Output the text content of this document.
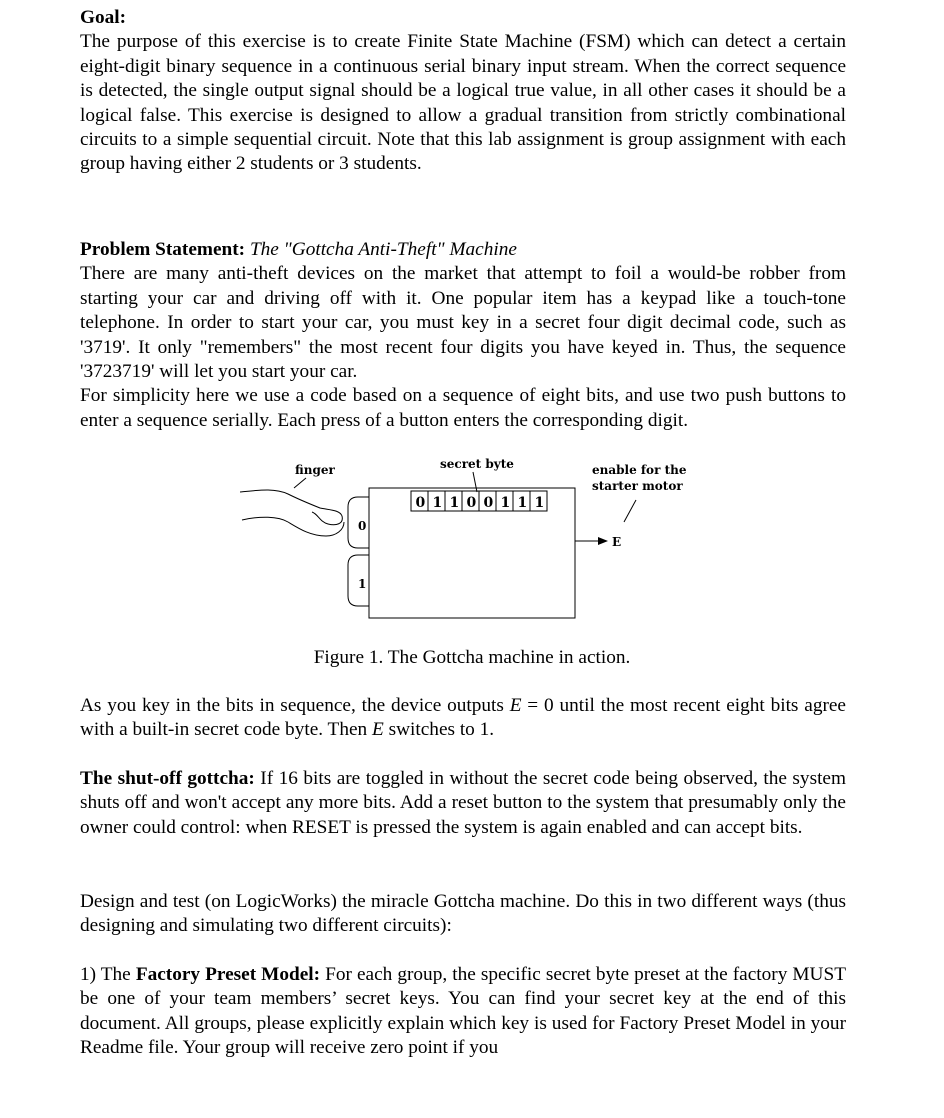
Goal:

The purpose of this exercise is to create Finite State Machine (FSM) which can detect a certain eight-digit binary sequence in a continuous serial binary input stream. When the correct sequence is detected, the single output signal should be a logical true value, in all other cases it should be a logical false. This exercise is designed to allow a gradual transition from strictly combinational circuits to a simple sequential circuit. Note that this lab assignment is group assignment with each group having either 2 students or 3 students.

Problem Statement: The "Gottcha Anti-Theft" Machine

There are many anti-theft devices on the market that attempt to foil a would-be robber from starting your car and driving off with it. One popular item has a keypad like a touch-tone telephone. In order to start your car, you must key in a secret four digit decimal code, such as '3719'. It only "remembers" the most recent four digits you have keyed in. Thus, the sequence '3723719' will let you start your car.

For simplicity here we use a code based on a sequence of eight bits, and use two push buttons to enter a sequence serially. Each press of a button enters the corresponding digit.

finger	secret byte	enable for the
starter motor
0 1 1 0 0 1 1 1
0
1
E
Figure 1. The Gottcha machine in action.

As you key in the bits in sequence, the device outputs E = 0 until the most recent eight bits agree with a built-in secret code byte. Then E switches to 1.

The shut-off gottcha: If 16 bits are toggled in without the secret code being observed, the system shuts off and won't accept any more bits. Add a reset button to the system that presumably only the owner could control: when RESET is pressed the system is again enabled and can accept bits.

Design and test (on LogicWorks) the miracle Gottcha machine. Do this in two different ways (thus designing and simulating two different circuits):

1) The Factory Preset Model: For each group, the specific secret byte preset at the factory MUST be one of your team members’ secret keys. You can find your secret key at the end of this document. All groups, please explicitly explain which key is used for Factory Preset Model in your Readme file. Your group will receive zero point if you
